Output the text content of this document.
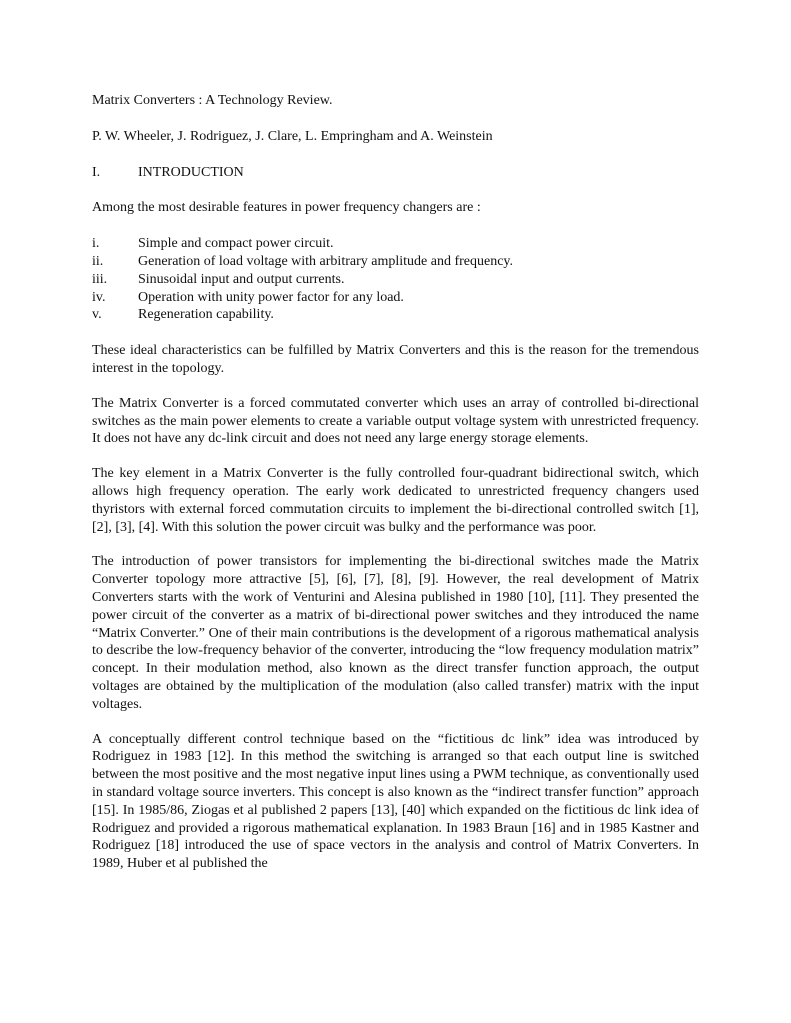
Matrix Converters : A Technology Review.
P. W. Wheeler, J. Rodriguez, J. Clare, L. Empringham and A. Weinstein
I.	INTRODUCTION
Among the most desirable features in power frequency changers are :
i.	Simple and compact power circuit.
ii.	Generation of load voltage with arbitrary amplitude and frequency.
iii.	Sinusoidal input and output currents.
iv.	Operation with unity power factor for any load.
v.	Regeneration capability.

These ideal characteristics can be fulfilled by Matrix Converters and this is the reason for the tremendous interest in the topology.

The Matrix Converter is a forced commutated converter which uses an array of controlled bi-directional switches as the main power elements to create a variable output voltage system with unrestricted frequency. It does not have any dc-link circuit and does not need any large energy storage elements.

The key element in a Matrix Converter is the fully controlled four-quadrant bidirectional switch, which allows high frequency operation. The early work dedicated to unrestricted frequency changers used thyristors with external forced commutation circuits to implement the bi-directional controlled switch [1], [2], [3], [4]. With this solution the power circuit was bulky and the performance was poor.

The introduction of power transistors for implementing the bi-directional switches made the Matrix Converter topology more attractive [5], [6], [7], [8], [9]. However, the real development of Matrix Converters starts with the work of Venturini and Alesina published in 1980 [10], [11]. They presented the power circuit of the converter as a matrix of bi-directional power switches and they introduced the name “Matrix Converter.” One of their main contributions is the development of a rigorous mathematical analysis to describe the low-frequency behavior of the converter, introducing the “low frequency modulation matrix” concept. In their modulation method, also known as the direct transfer function approach, the output voltages are obtained by the multiplication of the modulation (also called transfer) matrix with the input voltages.

A conceptually different control technique based on the “fictitious dc link” idea was introduced by Rodriguez in 1983 [12]. In this method the switching is arranged so that each output line is switched between the most positive and the most negative input lines using a PWM technique, as conventionally used in standard voltage source inverters. This concept is also known as the “indirect transfer function” approach [15]. In 1985/86, Ziogas et al published 2 papers [13], [40] which expanded on the fictitious dc link idea of Rodriguez and provided a rigorous mathematical explanation. In 1983 Braun [16] and in 1985 Kastner and Rodriguez [18] introduced the use of space vectors in the analysis and control of Matrix Converters. In 1989, Huber et al published the
